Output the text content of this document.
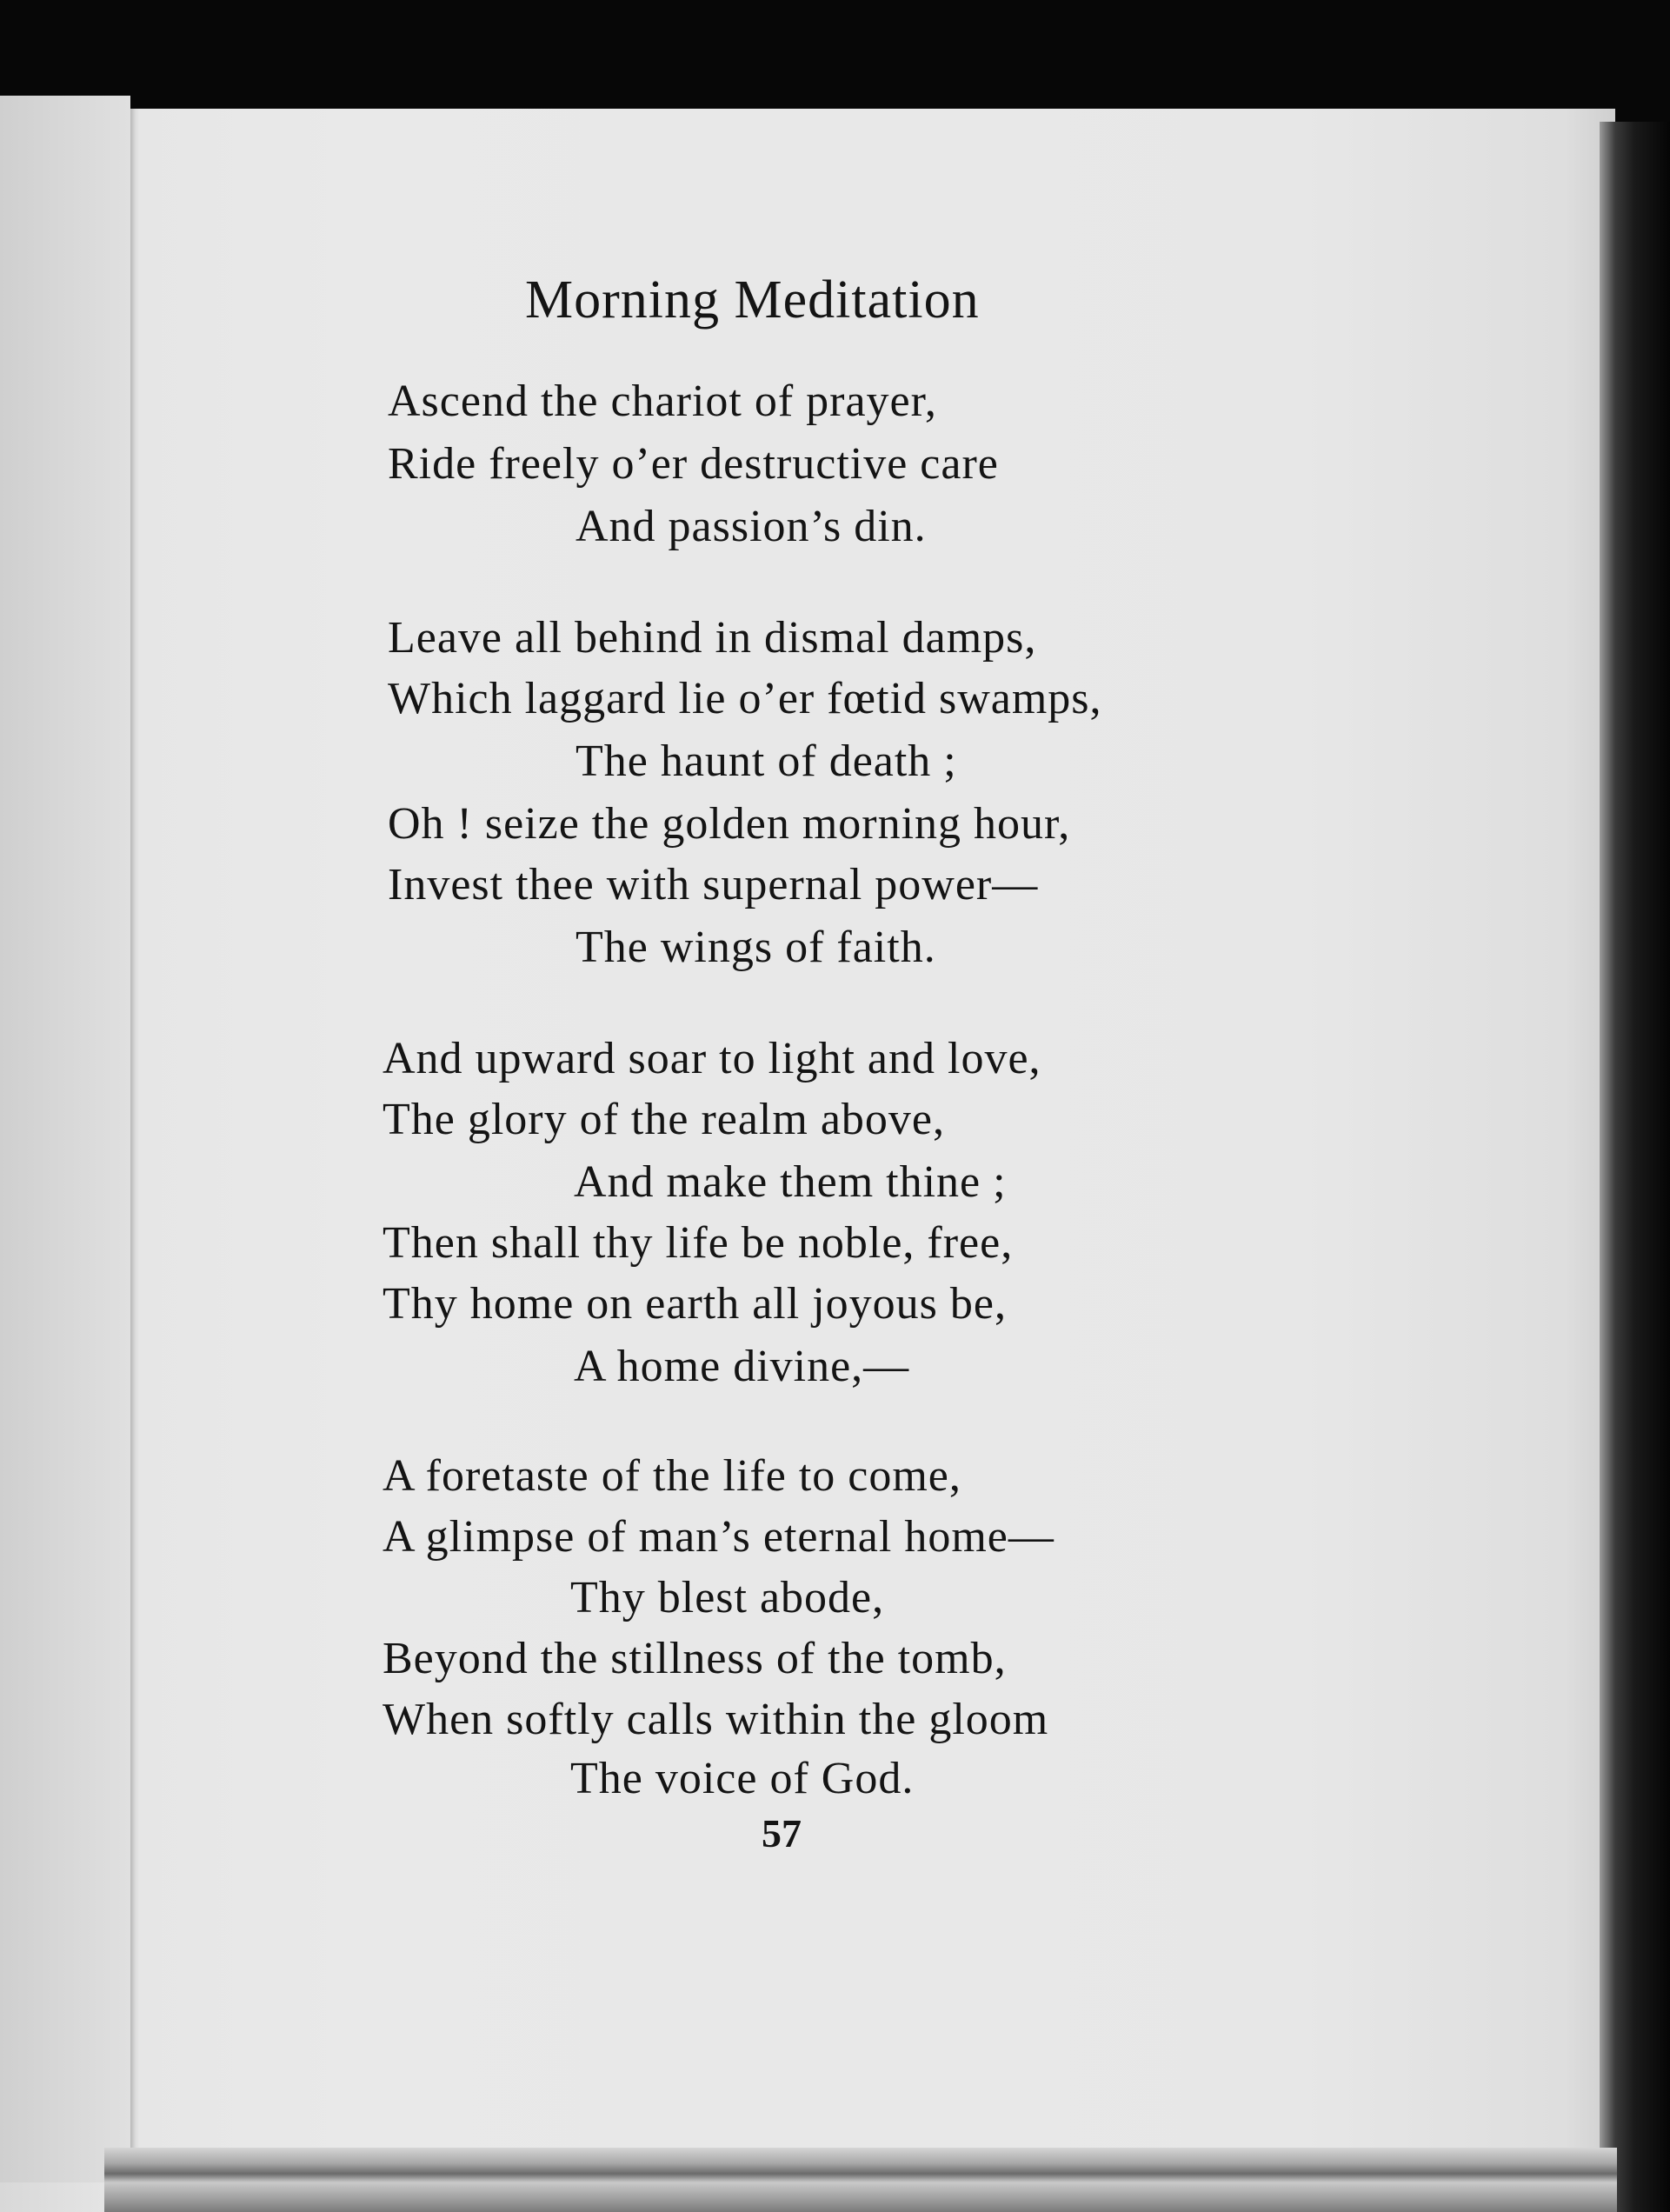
Morning Meditation
Ascend the chariot of prayer,
Ride freely o’er destructive care
And passion’s din.
Leave all behind in dismal damps,
Which laggard lie o’er fœtid swamps,
The haunt of death ;
Oh ! seize the golden morning hour,
Invest thee with supernal power—
The wings of faith.
And upward soar to light and love,
The glory of the realm above,
And make them thine ;
Then shall thy life be noble, free,
Thy home on earth all joyous be,
A home divine,—
A foretaste of the life to come,
A glimpse of man’s eternal home—
Thy blest abode,
Beyond the stillness of the tomb,
When softly calls within the gloom
The voice of God.
57
